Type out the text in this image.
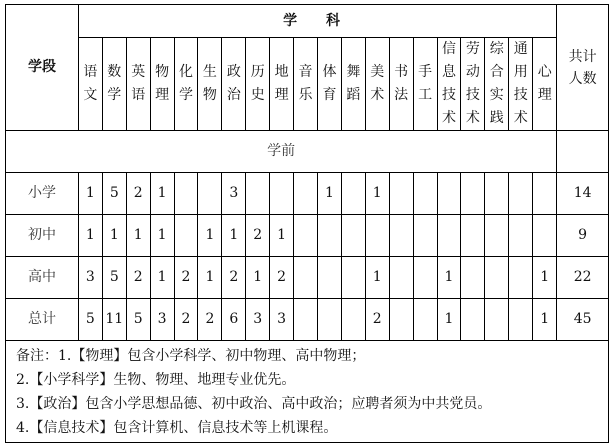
学段	学 科																				共计人数
	语文	数学	英语	物理	化学	生物	政治	历史	地理	音乐	体育	舞蹈	美术	书法	手工	信息技术	劳动技术	综合实践	通用技术	心理	
学前																					
小学	1	5	2	1			3				1		1								14
初中	1	1	1	1		1	1	2	1												9
高中	3	5	2	1	2	1	2	1	2				1			1				1	22
总计	5	11	5	3	2	2	6	3	3				2			1				1	45
备注：1.【物理】包含小学科学、初中物理、高中物理；
2.【小学科学】生物、物理、地理专业优先。
3.【政治】包含小学思想品德、初中政治、高中政治；应聘者须为中共党员。
4.【信息技术】包含计算机、信息技术等上机课程。
